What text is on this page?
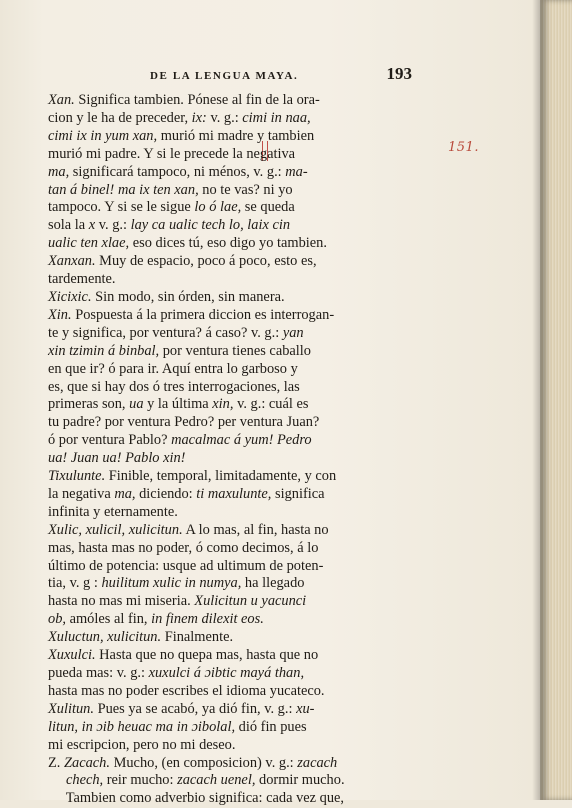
DE LA LENGUA MAYA.	193
151.

Xan. Significa tambien. Pónese al fin de la ora-
cion y le ha de preceder, ix: v. g.: cimi in naa,
cimi ix in yum xan, murió mi madre y tambien
murió mi padre. Y si le precede la negativa
ma, significará tampoco, ni ménos, v. g.: ma-
tan á binel! ma ix ten xan, no te vas? ni yo
tampoco. Y si se le sigue lo ó lae, se queda
sola la x v. g.: lay ca ualic tech lo, laix cin
ualic ten xlae, eso dices tú, eso digo yo tambien.

Xanxan. Muy de espacio, poco á poco, esto es,
tardemente.

Xicixic. Sin modo, sin órden, sin manera.

Xin. Pospuesta á la primera diccion es interrogan-
te y significa, por ventura? á caso? v. g.: yan
xin tzimin á binbal, por ventura tienes caballo
en que ir? ó para ir. Aquí entra lo garboso y
es, que si hay dos ó tres interrogaciones, las
primeras son, ua y la última xin, v. g.: cuál es
tu padre? por ventura Pedro? per ventura Juan?
ó por ventura Pablo? macalmac á yum! Pedro
ua! Juan ua! Pablo xin!

Tixulunte. Finible, temporal, limitadamente, y con
la negativa ma, diciendo: ti maxulunte, significa
infinita y eternamente.

Xulic, xulicil, xulicitun. A lo mas, al fin, hasta no
mas, hasta mas no poder, ó como decimos, á lo
último de potencia: usque ad ultimum de poten-
tia, v. g : huilitum xulic in numya, ha llegado
hasta no mas mi miseria. Xulicitun u yacunci
ob, amóles al fin, in finem dilexit eos.

Xuluctun, xulicitun. Finalmente.

Xuxulci. Hasta que no quepa mas, hasta que no
pueda mas: v. g.: xuxulci á ɔibtic mayá than,
hasta mas no poder escribes el idioma yucateco.

Xulitun. Pues ya se acabó, ya dió fin, v. g.: xu-
litun, in ɔib heuac ma in ɔibolal, dió fin pues
mi escripcion, pero no mi deseo.

Z. Zacach. Mucho, (en composicion) v. g.: zacach
chech, reir mucho: zacach uenel, dormir mucho.
Tambien como adverbio significa: cada vez que,
